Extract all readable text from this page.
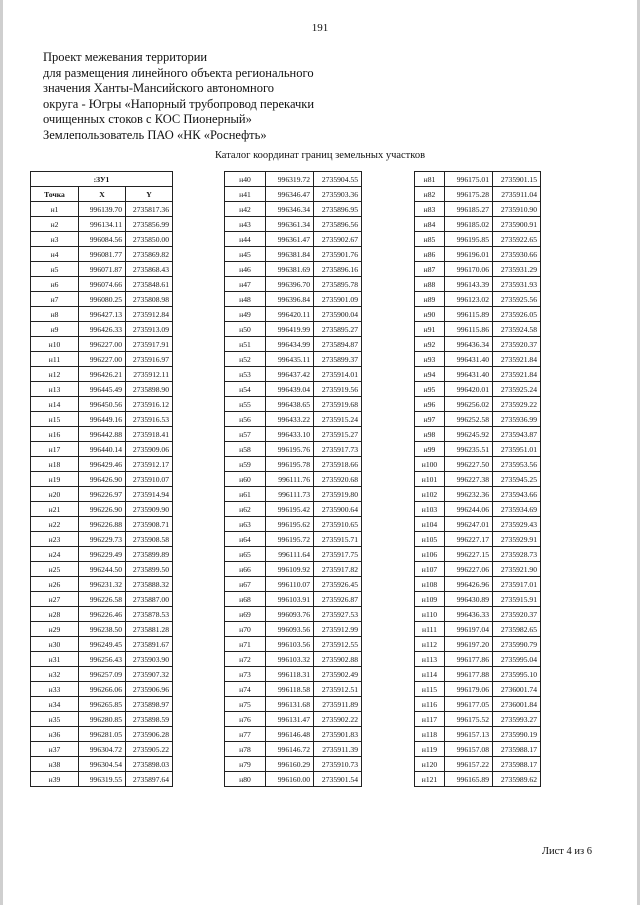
191
Проект межевания территории
для размещения линейного объекта регионального
значения Ханты-Мансийского автономного
округа - Югры «Напорный трубопровод перекачки
очищенных стоков с КОС Пионерный»
Землепользователь ПАО «НК «Роснефть»
Каталог координат границ земельных участков
:ЗУ1		
Точка	X	Y
н1	996139.70	2735817.36
н2	996134.11	2735856.99
н3	996084.56	2735850.00
н4	996081.77	2735869.82
н5	996071.87	2735868.43
н6	996074.66	2735848.61
н7	996080.25	2735808.98
н8	996427.13	2735912.84
н9	996426.33	2735913.09
н10	996227.00	2735917.91
н11	996227.00	2735916.97
н12	996426.21	2735912.11
н13	996445.49	2735898.90
н14	996450.56	2735916.12
н15	996449.16	2735916.53
н16	996442.88	2735918.41
н17	996440.14	2735909.06
н18	996429.46	2735912.17
н19	996426.90	2735910.07
н20	996226.97	2735914.94
н21	996226.90	2735909.90
н22	996226.88	2735908.71
н23	996229.73	2735908.58
н24	996229.49	2735899.89
н25	996244.50	2735899.50
н26	996231.32	2735888.32
н27	996226.58	2735887.00
н28	996226.46	2735878.53
н29	996238.50	2735881.28
н30	996249.45	2735891.67
н31	996256.43	2735903.90
н32	996257.09	2735907.32
н33	996266.06	2735906.96
н34	996265.85	2735898.97
н35	996280.85	2735898.59
н36	996281.05	2735906.28
н37	996304.72	2735905.22
н38	996304.54	2735898.03
н39	996319.55	2735897.64
н40	996319.72	2735904.55
н41	996346.47	2735903.36
н42	996346.34	2735896.95
н43	996361.34	2735896.56
н44	996361.47	2735902.67
н45	996381.84	2735901.76
н46	996381.69	2735896.16
н47	996396.70	2735895.78
н48	996396.84	2735901.09
н49	996420.11	2735900.04
н50	996419.99	2735895.27
н51	996434.99	2735894.87
н52	996435.11	2735899.37
н53	996437.42	2735914.01
н54	996439.04	2735919.56
н55	996438.65	2735919.68
н56	996433.22	2735915.24
н57	996433.10	2735915.27
н58	996195.76	2735917.73
н59	996195.78	2735918.66
н60	996111.76	2735920.68
н61	996111.73	2735919.80
н62	996195.42	2735900.64
н63	996195.62	2735910.65
н64	996195.72	2735915.71
н65	996111.64	2735917.75
н66	996109.92	2735917.82
н67	996110.07	2735926.45
н68	996103.91	2735926.87
н69	996093.76	2735927.53
н70	996093.56	2735912.99
н71	996103.56	2735912.55
н72	996103.32	2735902.88
н73	996118.31	2735902.49
н74	996118.58	2735912.51
н75	996131.68	2735911.89
н76	996131.47	2735902.22
н77	996146.48	2735901.83
н78	996146.72	2735911.39
н79	996160.29	2735910.73
н80	996160.00	2735901.54
н81	996175.01	2735901.15
н82	996175.28	2735911.04
н83	996185.27	2735910.90
н84	996185.02	2735900.91
н85	996195.85	2735922.65
н86	996196.01	2735930.66
н87	996170.06	2735931.29
н88	996143.39	2735931.93
н89	996123.02	2735925.56
н90	996115.89	2735926.05
н91	996115.86	2735924.58
н92	996436.34	2735920.37
н93	996431.40	2735921.84
н94	996431.40	2735921.84
н95	996420.01	2735925.24
н96	996256.02	2735929.22
н97	996252.58	2735936.99
н98	996245.92	2735943.87
н99	996235.51	2735951.01
н100	996227.50	2735953.56
н101	996227.38	2735945.25
н102	996232.36	2735943.66
н103	996244.06	2735934.69
н104	996247.01	2735929.43
н105	996227.17	2735929.91
н106	996227.15	2735928.73
н107	996227.06	2735921.90
н108	996426.96	2735917.01
н109	996430.89	2735915.91
н110	996436.33	2735920.37
н111	996197.04	2735982.65
н112	996197.20	2735990.79
н113	996177.86	2735995.04
н114	996177.88	2735995.10
н115	996179.06	2736001.74
н116	996177.05	2736001.84
н117	996175.52	2735993.27
н118	996157.13	2735990.19
н119	996157.08	2735988.17
н120	996157.22	2735988.17
н121	996165.89	2735989.62
Лист 4 из 6
